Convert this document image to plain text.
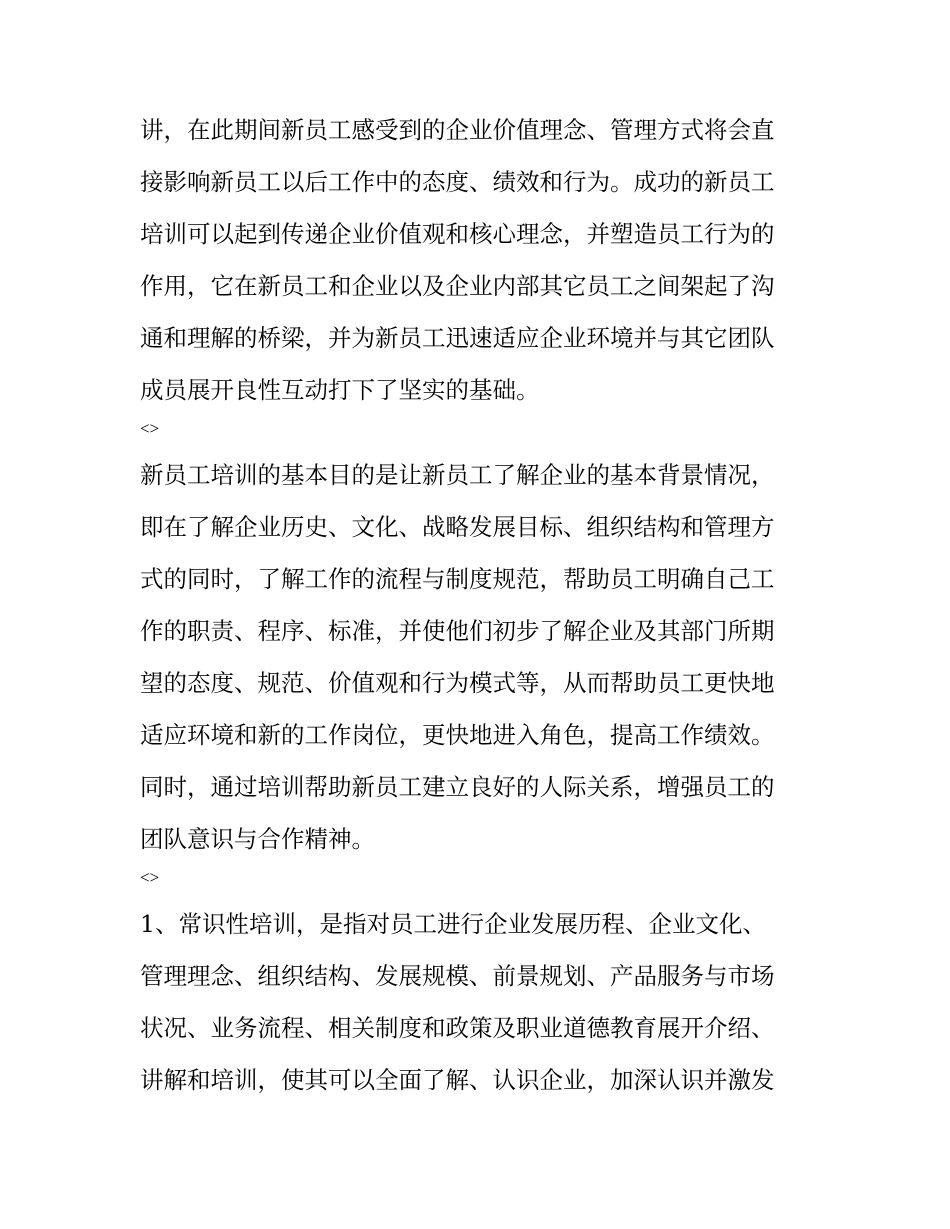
讲，在此期间新员工感受到的企业价值理念、管理方式将会直
接影响新员工以后工作中的态度、绩效和行为。成功的新员工
培训可以起到传递企业价值观和核心理念，并塑造员工行为的
作用，它在新员工和企业以及企业内部其它员工之间架起了沟
通和理解的桥梁，并为新员工迅速适应企业环境并与其它团队
成员展开良性互动打下了坚实的基础。
<>
新员工培训的基本目的是让新员工了解企业的基本背景情况，
即在了解企业历史、文化、战略发展目标、组织结构和管理方
式的同时，了解工作的流程与制度规范，帮助员工明确自己工
作的职责、程序、标准，并使他们初步了解企业及其部门所期
望的态度、规范、价值观和行为模式等，从而帮助员工更快地
适应环境和新的工作岗位，更快地进入角色，提高工作绩效。
同时，通过培训帮助新员工建立良好的人际关系，增强员工的
团队意识与合作精神。
<>
1、常识性培训，是指对员工进行企业发展历程、企业文化、
管理理念、组织结构、发展规模、前景规划、产品服务与市场
状况、业务流程、相关制度和政策及职业道德教育展开介绍、
讲解和培训，使其可以全面了解、认识企业，加深认识并激发
